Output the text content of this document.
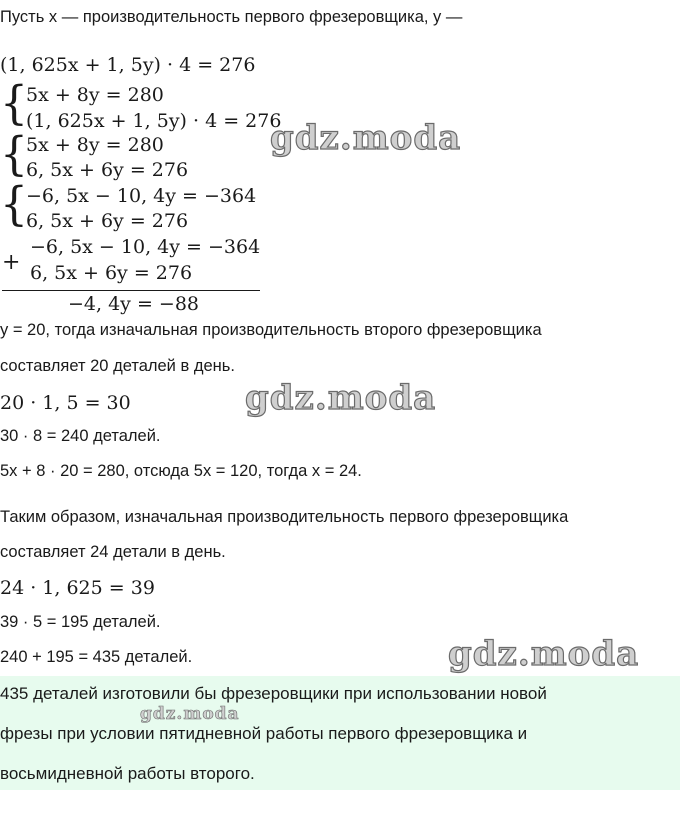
Пусть x — производительность первого фрезеровщика, y —
(1, 625x + 1, 5y) · 4 = 276
{
5x + 8y = 280
(1, 625x + 1, 5y) · 4 = 276
{
5x + 8y = 280
6, 5x + 6y = 276
{
−6, 5x − 10, 4y = −364
6, 5x + 6y = 276
+
−6, 5x − 10, 4y = −364
6, 5x + 6y = 276
−4, 4y = −88
y = 20, тогда изначальная производительность второго фрезеровщика
составляет 20 деталей в день.
20 · 1, 5 = 30
30 · 8 = 240 деталей.
5x + 8 · 20 = 280, отсюда 5x = 120, тогда x = 24.
Таким образом, изначальная производительность первого фрезеровщика
составляет 24 детали в день.
24 · 1, 625 = 39
39 · 5 = 195 деталей.
240 + 195 = 435 деталей.
435 деталей изготовили бы фрезеровщики при использовании новой
фрезы при условии пятидневной работы первого фрезеровщика и
восьмидневной работы второго.
gdz.moda
gdz.moda
gdz.moda
gdz.moda
